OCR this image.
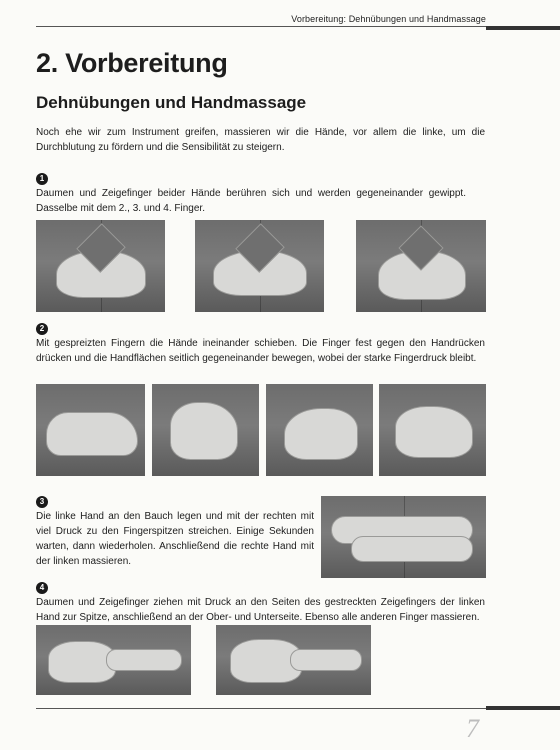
Vorbereitung: Dehnübungen und Handmassage
2. Vorbereitung
Dehnübungen und Handmassage
Noch ehe wir zum Instrument greifen, massieren wir die Hände, vor allem die linke, um die Durchblutung zu fördern und die Sensibilität zu steigern.
1
Daumen und Zeigefinger beider Hände berühren sich und werden gegeneinander gewippt. Dasselbe mit dem 2., 3. und 4. Finger.
2
Mit gespreizten Fingern die Hände ineinander schieben. Die Finger fest gegen den Handrücken drücken und die Handflächen seitlich gegeneinander bewegen, wobei der starke Fingerdruck bleibt.
3
Die linke Hand an den Bauch legen und mit der rechten mit viel Druck zu den Fingerspitzen streichen. Einige Sekunden warten, dann wiederholen. Anschließend die rechte Hand mit der linken massieren.
4
Daumen und Zeigefinger ziehen mit Druck an den Seiten des gestreckten Zeigefingers der linken Hand zur Spitze, anschließend an der Ober- und Unterseite. Ebenso alle anderen Finger massieren.
7
